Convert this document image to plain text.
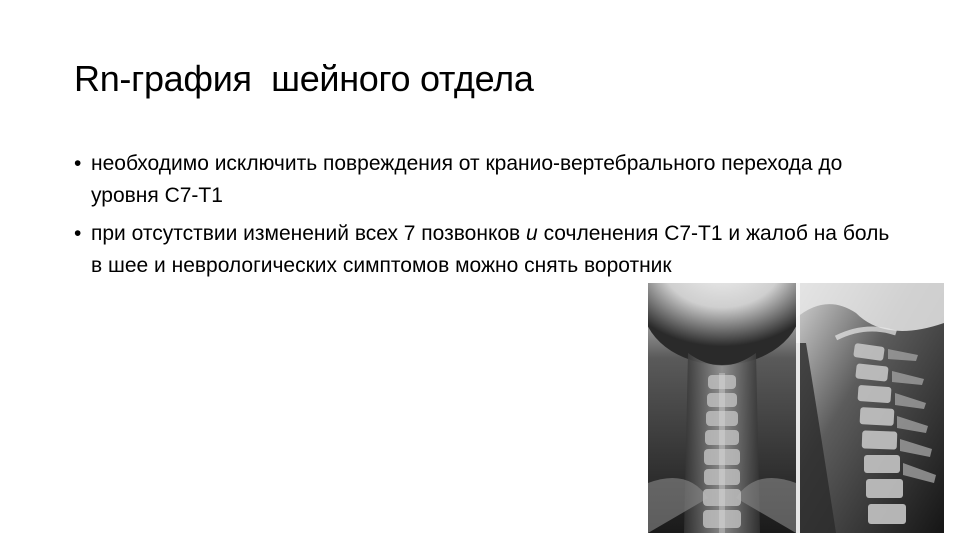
Rn-графия  шейного отдела
• необходимо исключить повреждения от кранио-вертебрального перехода до уровня С7-Т1
• при отсутствии изменений всех 7 позвонков и сочленения С7-Т1 и жалоб на боль в шее и неврологических симптомов можно снять воротник
